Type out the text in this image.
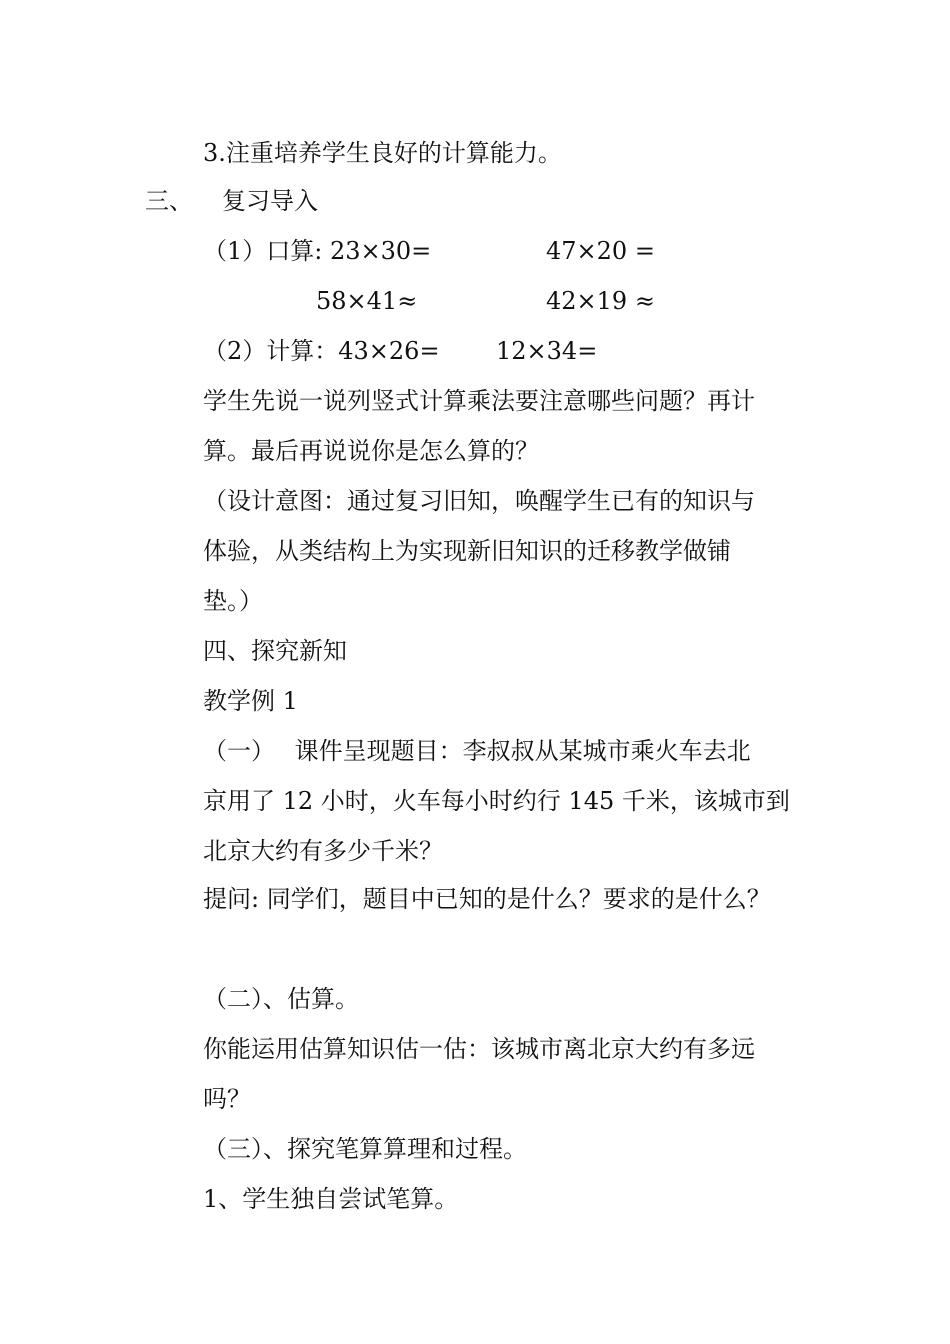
3.注重培养学生良好的计算能力。
三、 复习导入
（1）口算: 23×30=	47×20 =
58×41≈	42×19 ≈
（2）计算：43×26= 12×34=
学生先说一说列竖式计算乘法要注意哪些问题？再计
算。最后再说说你是怎么算的？
（设计意图：通过复习旧知，唤醒学生已有的知识与
体验，从类结构上为实现新旧知识的迁移教学做铺
垫。）
四、探究新知
教学例 1
（一）　 课件呈现题目：李叔叔从某城市乘火车去北
京用了 12 小时，火车每小时约行 145 千米，该城市到
北京大约有多少千米？
提问: 同学们，题目中已知的是什么？要求的是什么？
（二）、估算。
你能运用估算知识估一估：该城市离北京大约有多远
吗？
（三）、探究笔算算理和过程。
1、学生独自尝试笔算。
